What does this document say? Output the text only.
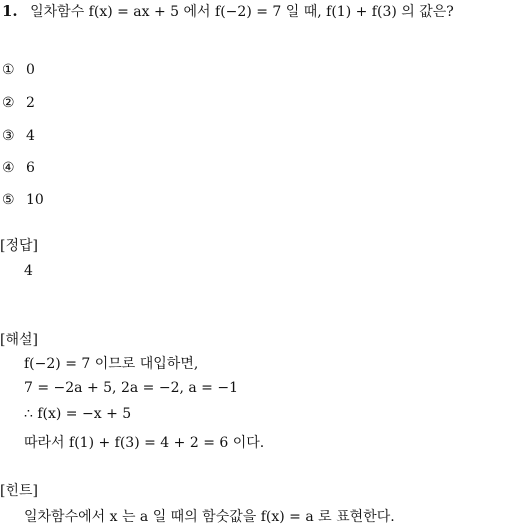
1. 일차함수 f(x) = ax + 5 에서 f(−2) = 7 일 때, f(1) + f(3) 의 값은?
① 0
② 2
③ 4
④ 6
⑤ 10
[정답]
4
[해설]
f(−2) = 7 이므로 대입하면,
7 = −2a + 5, 2a = −2, a = −1
∴ f(x) = −x + 5
따라서 f(1) + f(3) = 4 + 2 = 6 이다.
[힌트]
일차함수에서 x 는 a 일 때의 함숫값을 f(x) = a 로 표현한다.
